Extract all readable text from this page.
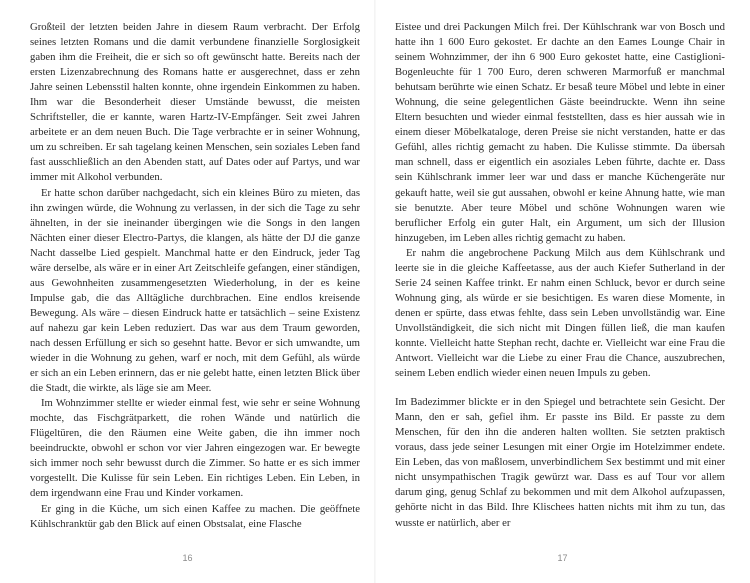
Großteil der letzten beiden Jahre in diesem Raum verbracht. Der Erfolg seines letzten Romans und die damit verbundene finanzielle Sorglosigkeit gaben ihm die Freiheit, die er sich so oft gewünscht hatte. Bereits nach der ersten Lizenzabrechnung des Romans hatte er ausgerechnet, dass er zehn Jahre seinen Lebensstil halten konnte, ohne irgendein Einkommen zu haben. Ihm war die Besonderheit dieser Umstände bewusst, die meisten Schriftsteller, die er kannte, waren Hartz-IV-Empfänger. Seit zwei Jahren arbeitete er an dem neuen Buch. Die Tage verbrachte er in seiner Wohnung, um zu schreiben. Er sah tagelang keinen Menschen, sein soziales Leben fand fast ausschließlich an den Abenden statt, auf Dates oder auf Partys, und war immer mit Alkohol verbunden.

Er hatte schon darüber nachgedacht, sich ein kleines Büro zu mieten, das ihn zwingen würde, die Wohnung zu verlassen, in der sich die Tage zu sehr ähnelten, in der sie ineinander übergingen wie die Songs in den langen Nächten einer dieser Electro-Partys, die klangen, als hätte der DJ die ganze Nacht dasselbe Lied gespielt. Manchmal hatte er den Eindruck, jeder Tag wäre derselbe, als wäre er in einer Art Zeitschleife gefangen, einer ständigen, aus Gewohnheiten zusammengesetzten Wiederholung, in der es keine Impulse gab, die das Alltägliche durchbrachen. Eine endlos kreisende Bewegung. Als wäre – diesen Eindruck hatte er tatsächlich – seine Existenz auf nahezu gar kein Leben reduziert. Das war aus dem Traum geworden, nach dessen Erfüllung er sich so gesehnt hatte. Bevor er sich umwandte, um wieder in die Wohnung zu gehen, warf er noch, mit dem Gefühl, als würde er sich an ein Leben erinnern, das er nie gelebt hatte, einen letzten Blick über die Stadt, die wirkte, als läge sie am Meer.

Im Wohnzimmer stellte er wieder einmal fest, wie sehr er seine Wohnung mochte, das Fischgrätparkett, die rohen Wände und natürlich die Flügeltüren, die den Räumen eine Weite gaben, die ihn immer noch beeindruckte, obwohl er schon vor vier Jahren eingezogen war. Er bewegte sich immer noch sehr bewusst durch die Zimmer. So hatte er es sich immer vorgestellt. Die Kulisse für sein Leben. Ein richtiges Leben. Ein Leben, in dem irgendwann eine Frau und Kinder vorkamen.

Er ging in die Küche, um sich einen Kaffee zu machen. Die geöffnete Kühlschranktür gab den Blick auf einen Obstsalat, eine Flasche

Eistee und drei Packungen Milch frei. Der Kühlschrank war von Bosch und hatte ihn 1 600 Euro gekostet. Er dachte an den Eames Lounge Chair in seinem Wohnzimmer, der ihn 6 900 Euro gekostet hatte, eine Castiglioni-Bogenleuchte für 1 700 Euro, deren schweren Marmorfuß er manchmal behutsam berührte wie einen Schatz. Er besaß teure Möbel und lebte in einer Wohnung, die seine gelegentlichen Gäste beeindruckte. Wenn ihn seine Eltern besuchten und wieder einmal feststellten, dass es hier aussah wie in einem dieser Möbelkataloge, deren Preise sie nicht verstanden, hatte er das Gefühl, alles richtig gemacht zu haben. Die Kulisse stimmte. Da übersah man schnell, dass er eigentlich ein asoziales Leben führte, dachte er. Dass sein Kühlschrank immer leer war und dass er manche Küchengeräte nur gekauft hatte, weil sie gut aussahen, obwohl er keine Ahnung hatte, wie man sie benutzte. Aber teure Möbel und schöne Wohnungen waren wie beruflicher Erfolg ein guter Halt, ein Argument, um sich der Illusion hinzugeben, im Leben alles richtig gemacht zu haben.

Er nahm die angebrochene Packung Milch aus dem Kühlschrank und leerte sie in die gleiche Kaffeetasse, aus der auch Kiefer Sutherland in der Serie 24 seinen Kaffee trinkt. Er nahm einen Schluck, bevor er durch seine Wohnung ging, als würde er sie besichtigen. Es waren diese Momente, in denen er spürte, dass etwas fehlte, dass sein Leben unvollständig war. Eine Unvollständigkeit, die sich nicht mit Dingen füllen ließ, die man kaufen konnte. Vielleicht hatte Stephan recht, dachte er. Vielleicht war eine Frau die Antwort. Vielleicht war die Liebe zu einer Frau die Chance, auszubrechen, seinem Leben endlich wieder einen neuen Impuls zu geben.

Im Badezimmer blickte er in den Spiegel und betrachtete sein Gesicht. Der Mann, den er sah, gefiel ihm. Er passte ins Bild. Er passte zu dem Menschen, für den ihn die anderen halten wollten. Sie setzten praktisch voraus, dass jede seiner Lesungen mit einer Orgie im Hotelzimmer endete. Ein Leben, das von maßlosem, unverbindlichem Sex bestimmt und mit einer nicht unsympathischen Tragik gewürzt war. Dass es auf Tour vor allem darum ging, genug Schlaf zu bekommen und mit dem Alkohol aufzupassen, gehörte nicht in das Bild. Ihre Klischees hatten nichts mit ihm zu tun, das wusste er natürlich, aber er

16	17
